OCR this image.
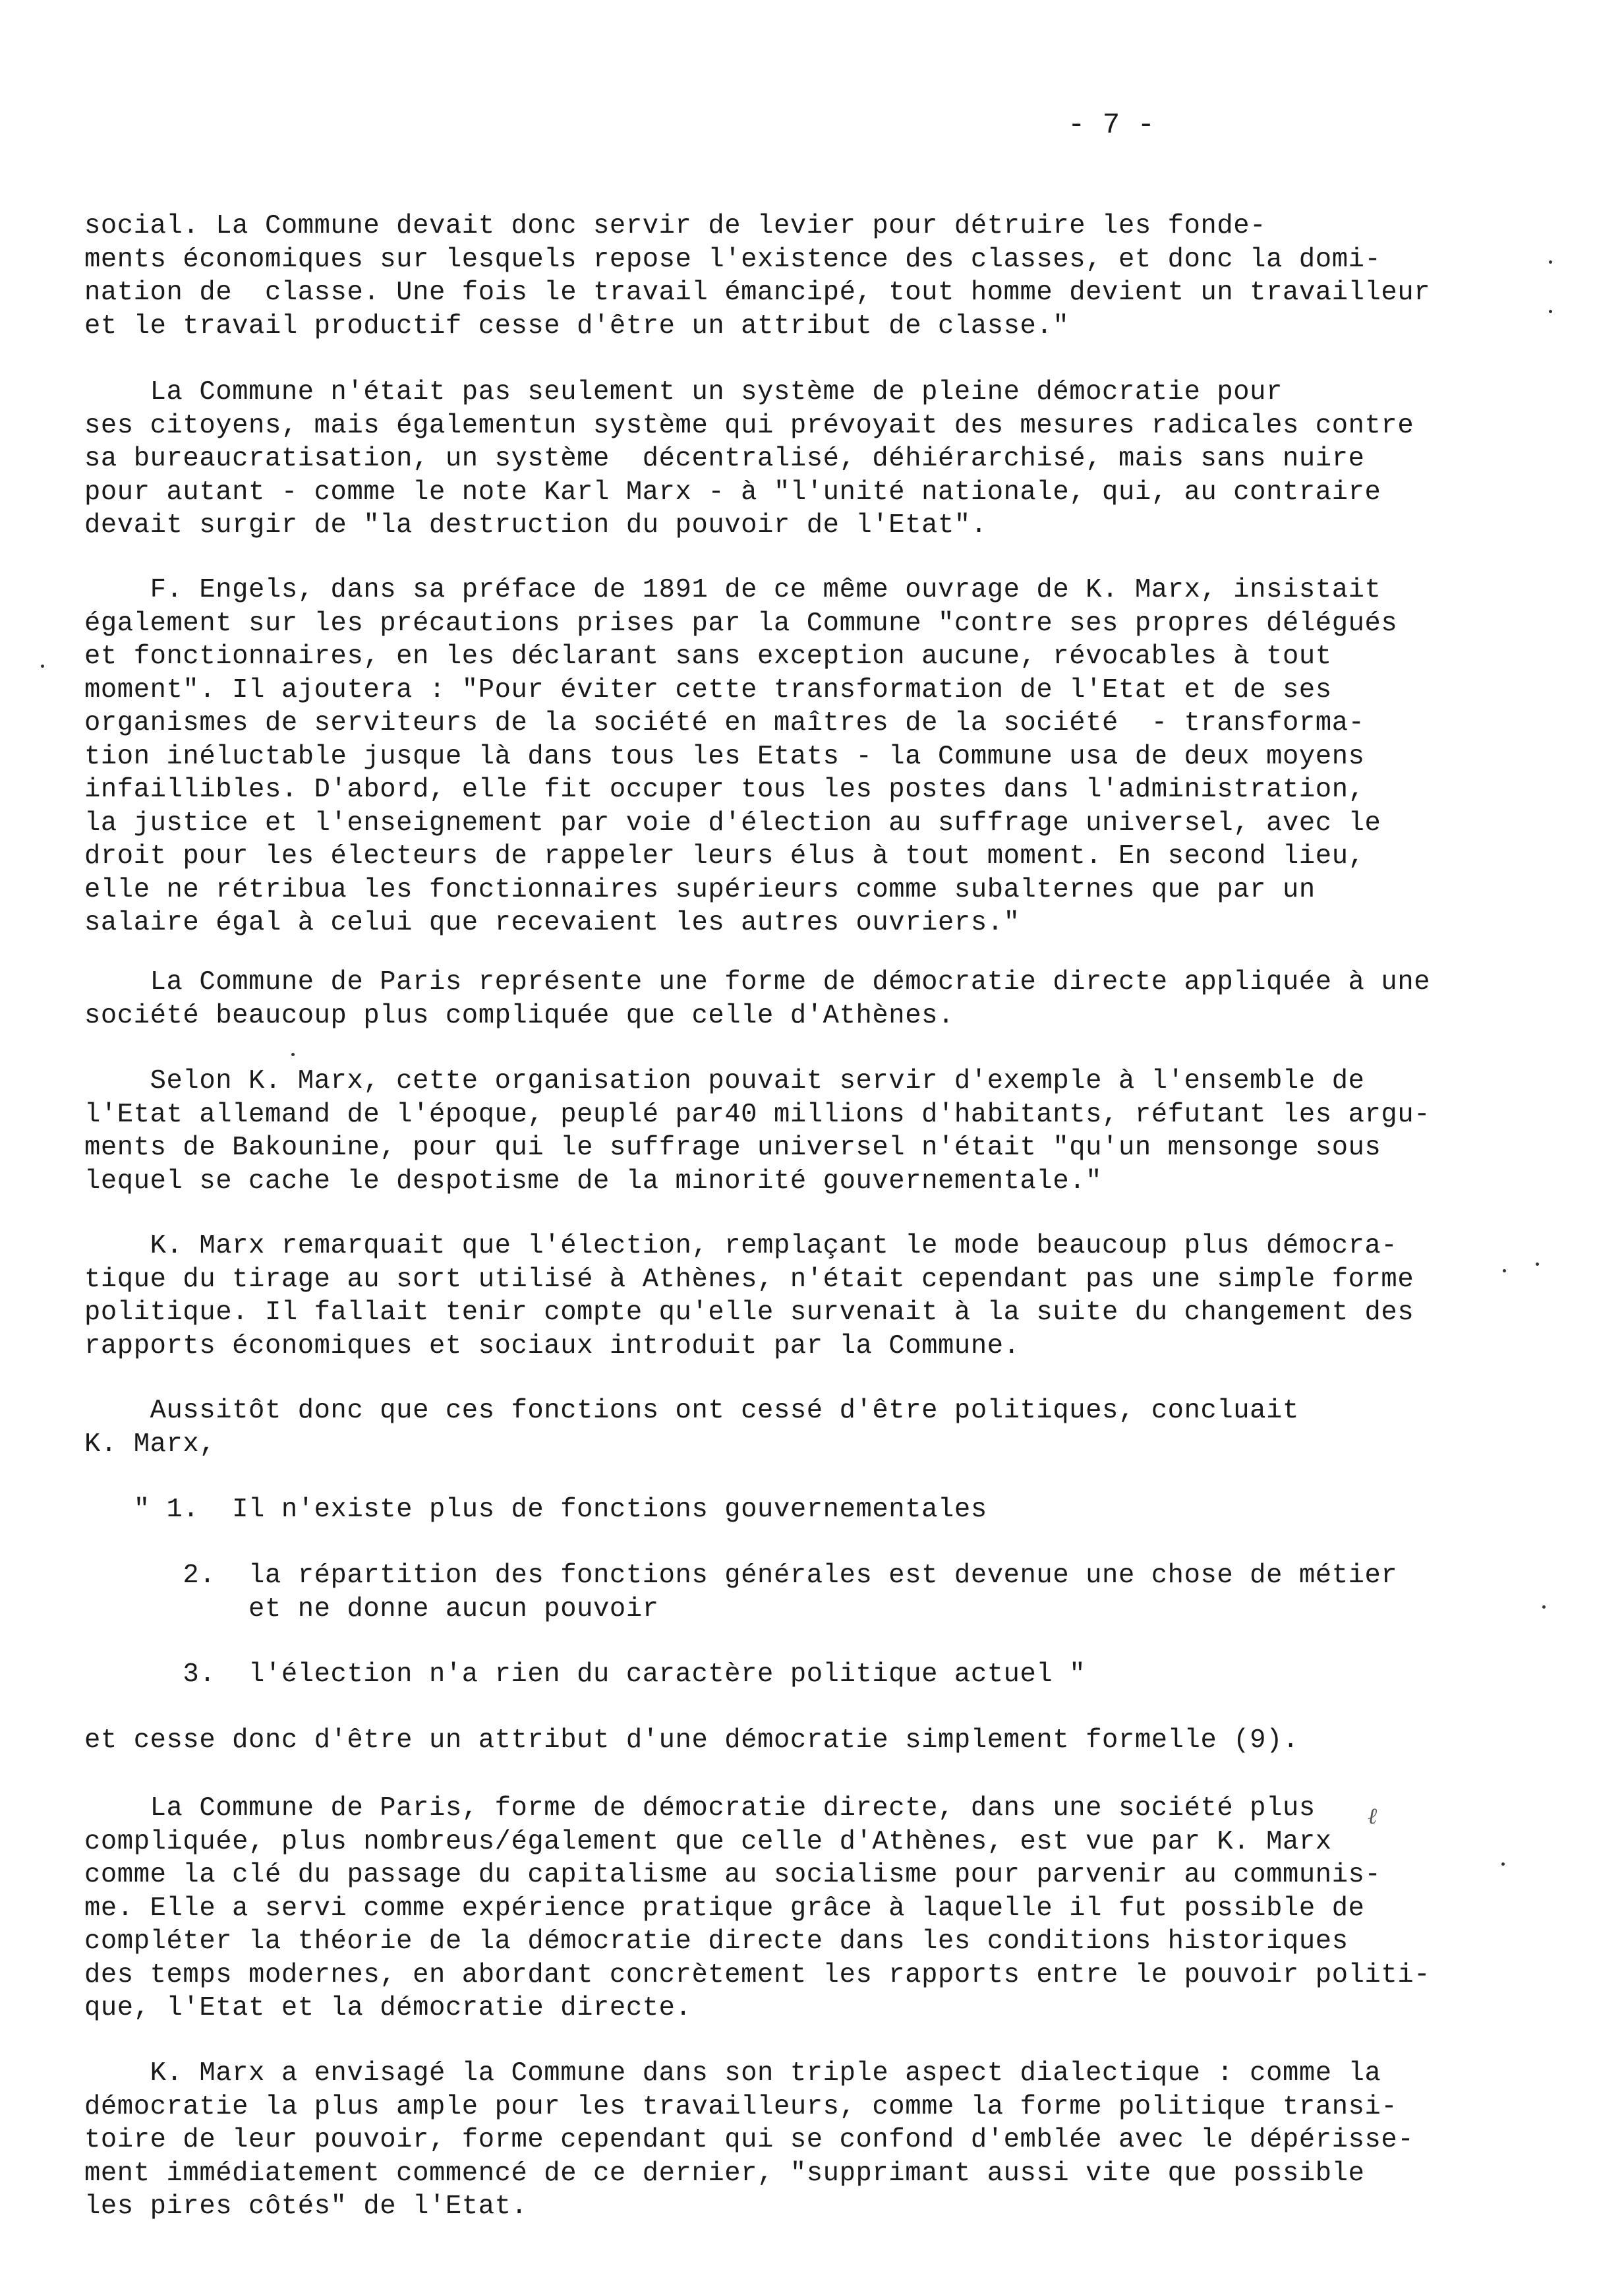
- 7 -
social. La Commune devait donc servir de levier pour détruire les fonde-
ments économiques sur lesquels repose l'existence des classes, et donc la domi-
nation de  classe. Une fois le travail émancipé, tout homme devient un travailleur
et le travail productif cesse d'être un attribut de classe."
La Commune n'était pas seulement un système de pleine démocratie pour
ses citoyens, mais égalementun système qui prévoyait des mesures radicales contre
sa bureaucratisation, un système  décentralisé, déhiérarchisé, mais sans nuire
pour autant - comme le note Karl Marx - à "l'unité nationale, qui, au contraire
devait surgir de "la destruction du pouvoir de l'Etat".
F. Engels, dans sa préface de 1891 de ce même ouvrage de K. Marx, insistait
également sur les précautions prises par la Commune "contre ses propres délégués
et fonctionnaires, en les déclarant sans exception aucune, révocables à tout
moment". Il ajoutera : "Pour éviter cette transformation de l'Etat et de ses
organismes de serviteurs de la société en maîtres de la société  - transforma-
tion inéluctable jusque là dans tous les Etats - la Commune usa de deux moyens
infaillibles. D'abord, elle fit occuper tous les postes dans l'administration,
la justice et l'enseignement par voie d'élection au suffrage universel, avec le
droit pour les électeurs de rappeler leurs élus à tout moment. En second lieu,
elle ne rétribua les fonctionnaires supérieurs comme subalternes que par un
salaire égal à celui que recevaient les autres ouvriers."
La Commune de Paris représente une forme de démocratie directe appliquée à une
société beaucoup plus compliquée que celle d'Athènes.
Selon K. Marx, cette organisation pouvait servir d'exemple à l'ensemble de
l'Etat allemand de l'époque, peuplé par40 millions d'habitants, réfutant les argu-
ments de Bakounine, pour qui le suffrage universel n'était "qu'un mensonge sous
lequel se cache le despotisme de la minorité gouvernementale."
K. Marx remarquait que l'élection, remplaçant le mode beaucoup plus démocra-
tique du tirage au sort utilisé à Athènes, n'était cependant pas une simple forme
politique. Il fallait tenir compte qu'elle survenait à la suite du changement des
rapports économiques et sociaux introduit par la Commune.
Aussitôt donc que ces fonctions ont cessé d'être politiques, concluait
K. Marx,
" 1.  Il n'existe plus de fonctions gouvernementales
2.  la répartition des fonctions générales est devenue une chose de métier
et ne donne aucun pouvoir
3.  l'élection n'a rien du caractère politique actuel "
et cesse donc d'être un attribut d'une démocratie simplement formelle (9).
La Commune de Paris, forme de démocratie directe, dans une société plus
compliquée, plus nombreus/également que celle d'Athènes, est vue par K. Marx
comme la clé du passage du capitalisme au socialisme pour parvenir au communis-
me. Elle a servi comme expérience pratique grâce à laquelle il fut possible de
compléter la théorie de la démocratie directe dans les conditions historiques
des temps modernes, en abordant concrètement les rapports entre le pouvoir politi-
que, l'Etat et la démocratie directe.
K. Marx a envisagé la Commune dans son triple aspect dialectique : comme la
démocratie la plus ample pour les travailleurs, comme la forme politique transi-
toire de leur pouvoir, forme cependant qui se confond d'emblée avec le dépérisse-
ment immédiatement commencé de ce dernier, "supprimant aussi vite que possible
les pires côtés" de l'Etat.
ℓ
